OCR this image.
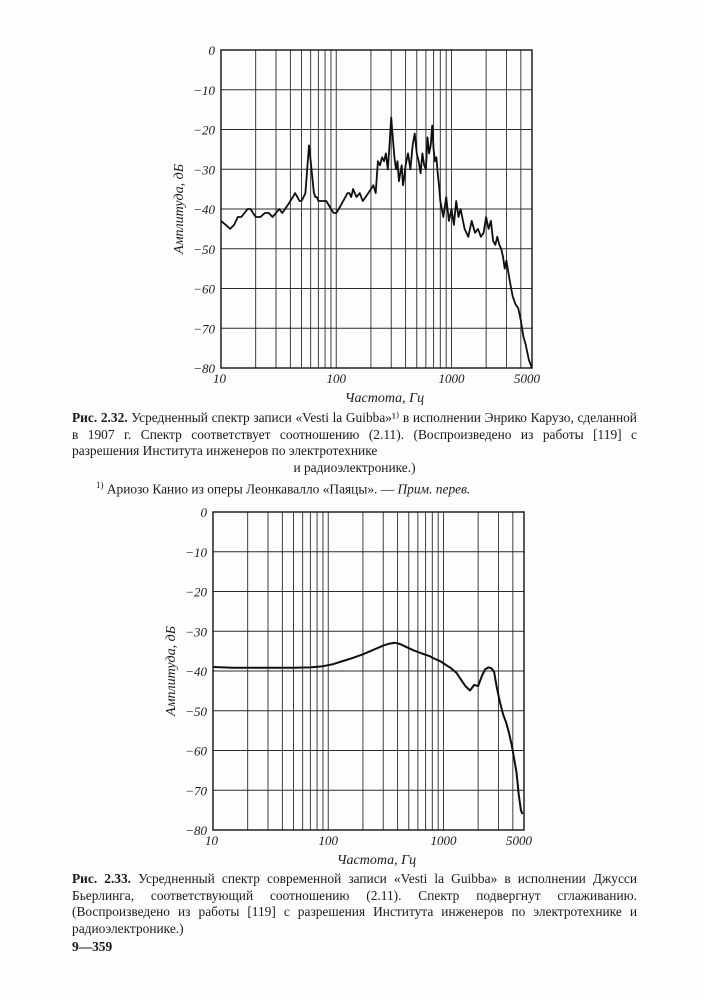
0
−10
−20
−30
−40
−50
−60
−70
−80
10	100	1000	5000
Частота, Гц
Амплитуда, дБ
Рис. 2.32. Усредненный спектр записи «Vesti la Guibba»¹⁾ в исполнении Энрико Карузо, сделанной в 1907 г. Спектр соответствует соотношению (2.11). (Воспроизведено из работы [119] с разрешения Института инженеров по электротехнике
и радиоэлектронике.)
$^{1)}$ Ариозо Канио из оперы Леонкавалло «Паяцы». — Прим. перев.
0
−10
−20
−30
−40
−50
−60
−70
−80
10	100	1000	5000
Частота, Гц
Амплитуда, дБ
Рис. 2.33. Усредненный спектр современной записи «Vesti la Guibba» в исполнении Джусси Бьерлинга, соответствующий соотношению (2.11). Спектр подвергнут сглаживанию. (Воспроизведено из работы [119] с разрешения Института инженеров по электротехнике и радиоэлектронике.)
9—359
